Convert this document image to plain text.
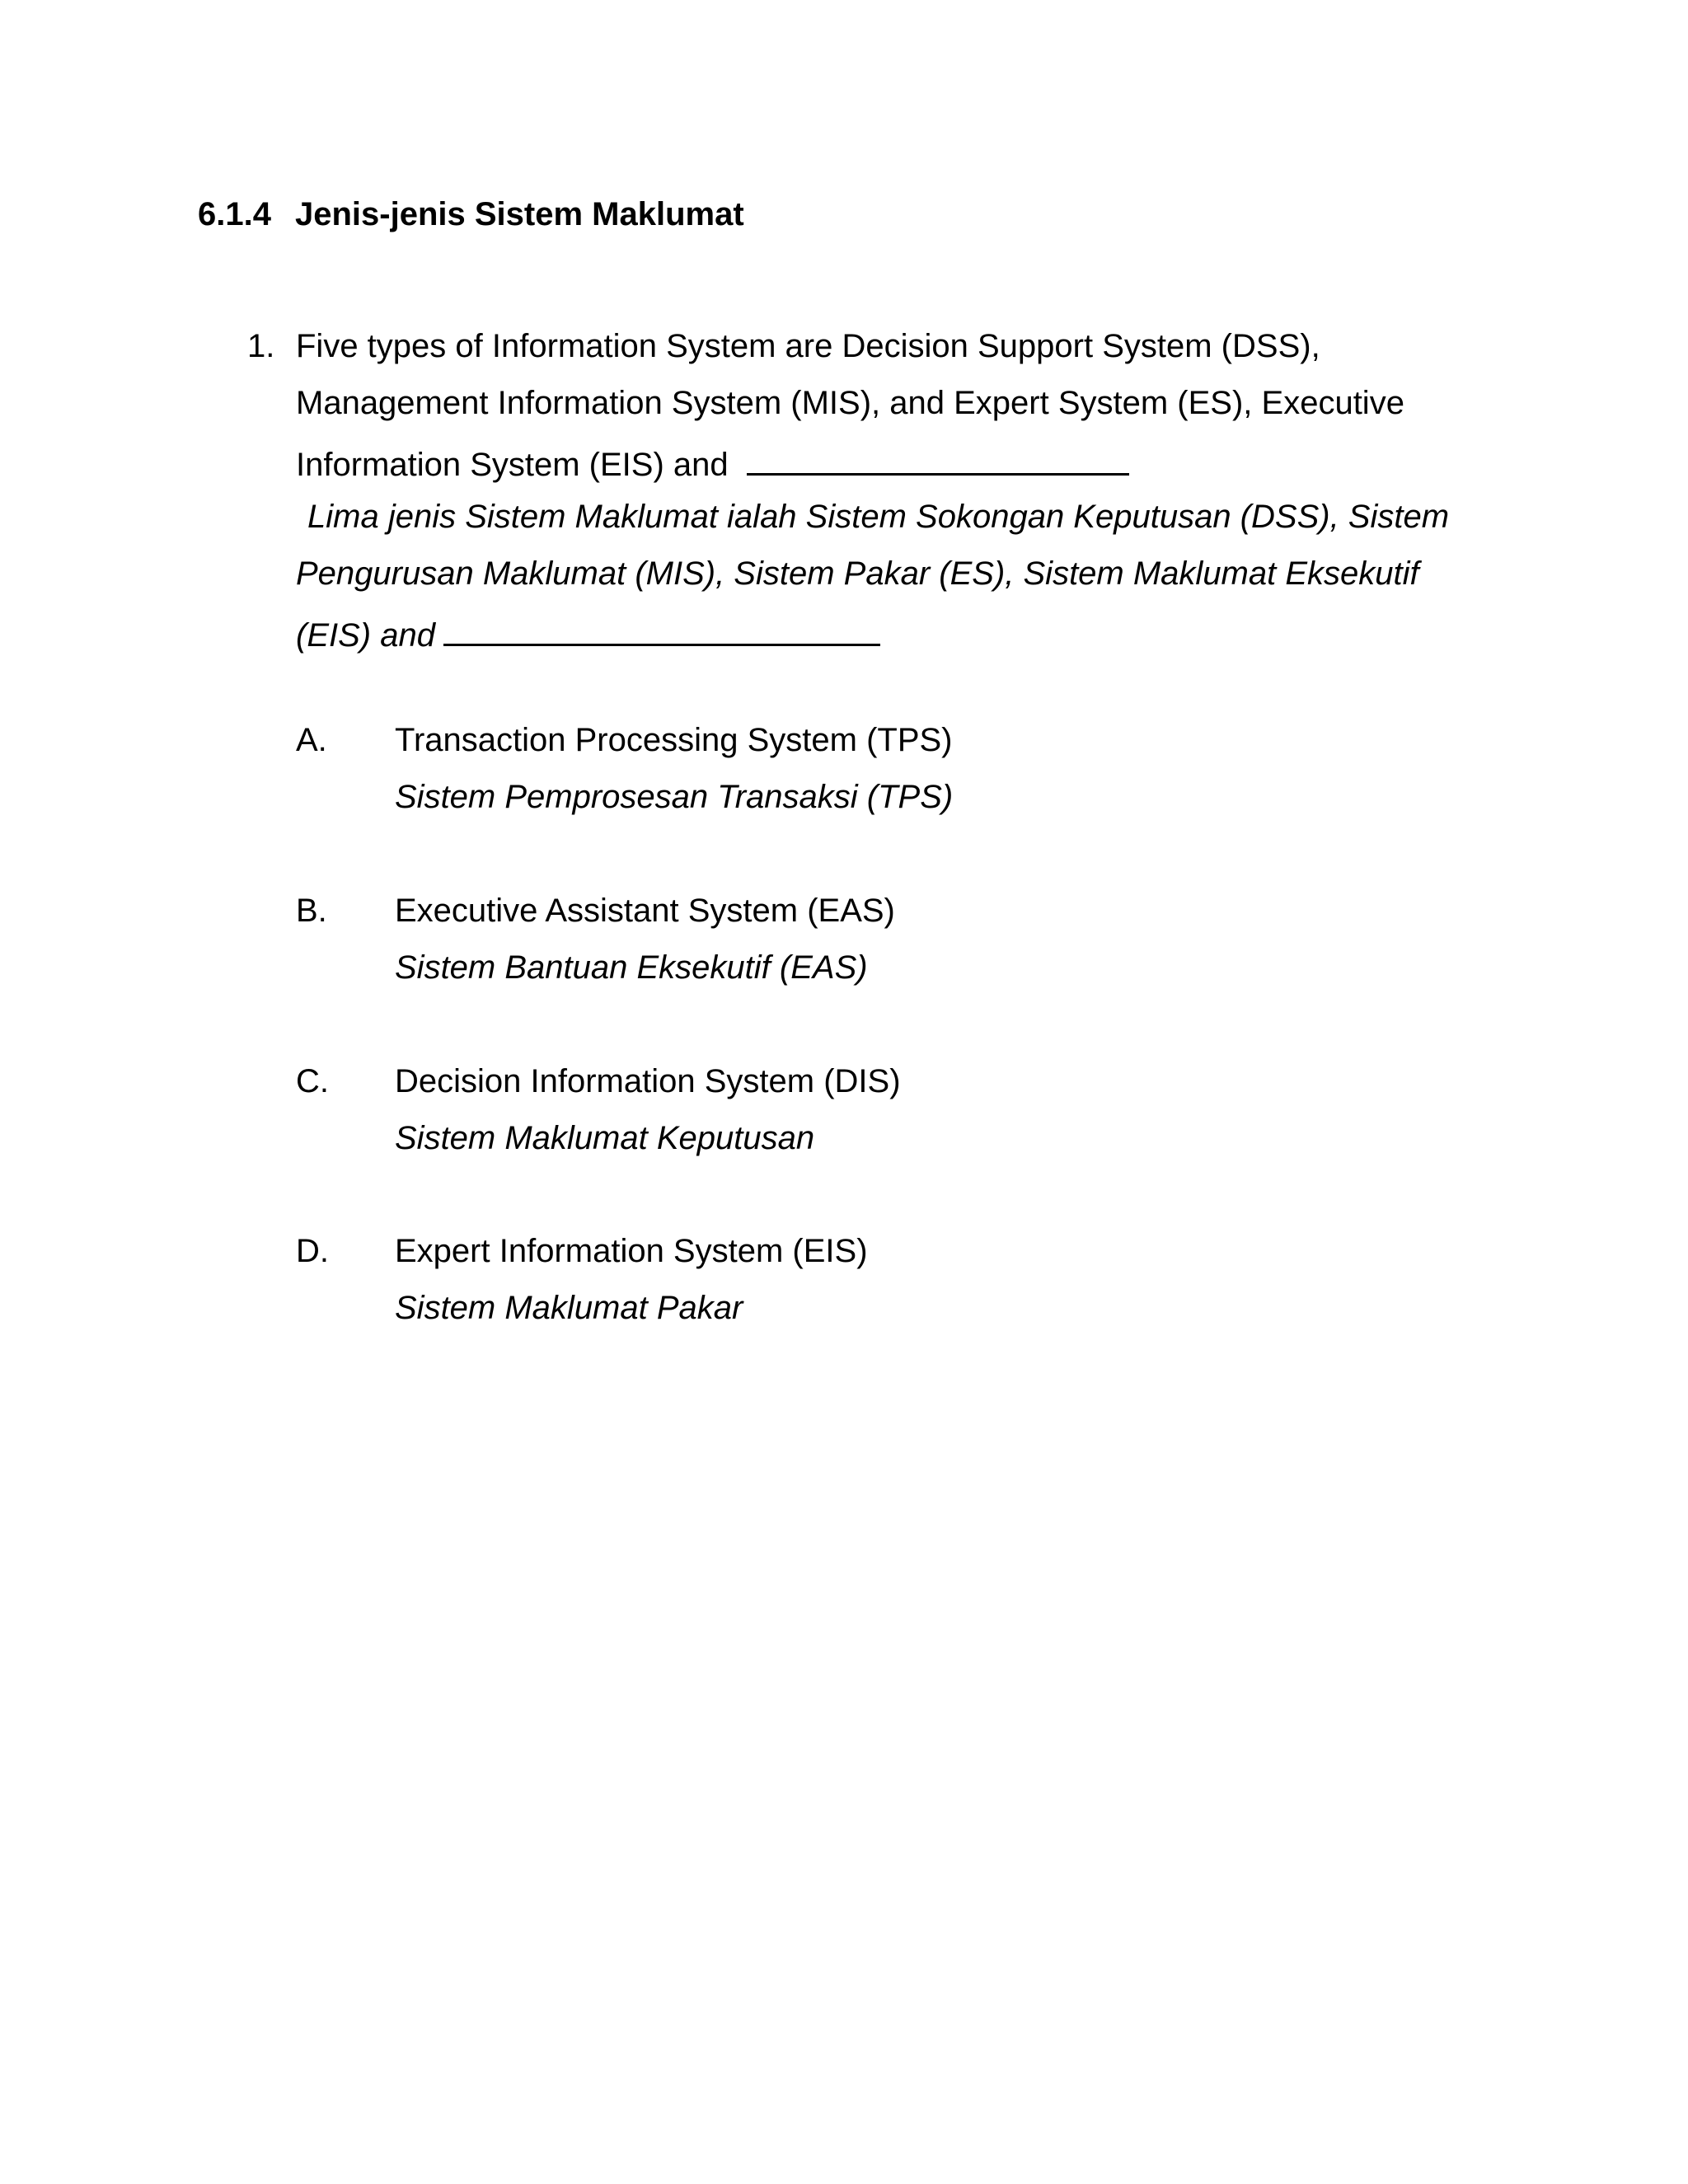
6.1.4 Jenis-jenis Sistem Maklumat
1. Five types of Information System are Decision Support System (DSS),
Management Information System (MIS), and Expert System (ES), Executive
Information System (EIS) and
Lima jenis Sistem Maklumat ialah Sistem Sokongan Keputusan (DSS), Sistem
Pengurusan Maklumat (MIS), Sistem Pakar (ES), Sistem Maklumat Eksekutif
(EIS) and
A.	Transaction Processing System (TPS)
Sistem Pemprosesan Transaksi (TPS)
B.	Executive Assistant System (EAS)
Sistem Bantuan Eksekutif (EAS)
C.	Decision Information System (DIS)
Sistem Maklumat Keputusan
D.	Expert Information System (EIS)
Sistem Maklumat Pakar
